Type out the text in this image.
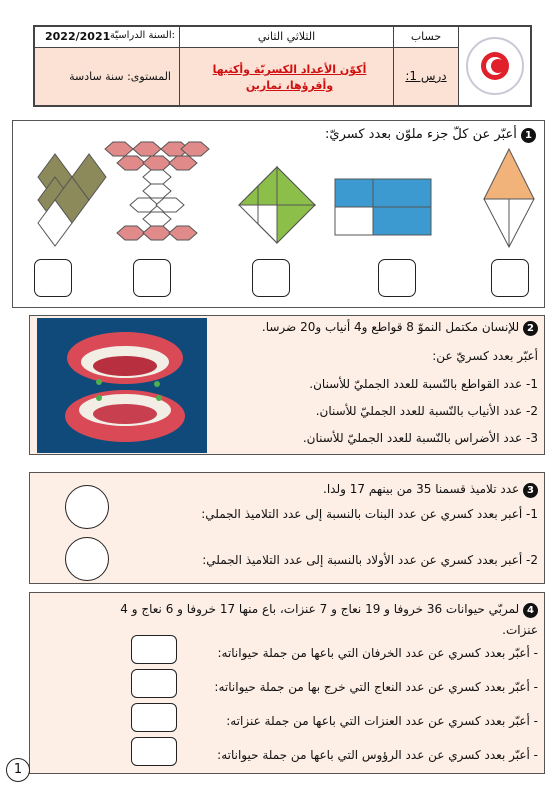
حساب
درس 1:
الثلاثي الثاني
أكوّن الأعداد الكسريّة وأكتبها وأقرؤها، تمارين
السنة الدراسيّة:
2022/2021
المستوى: سنة سادسة
1 أعبّر عن كلّ جزء ملوّن بعدد كسريّ:
2 للإنسان مكتمل النموّ 8 قواطع و4 أنياب و20 ضرسا.
أعبّر بعدد كسريّ عن:
1- عدد القواطع بالنّسبة للعدد الجمليّ للأسنان.
2- عدد الأنياب بالنّسبة للعدد الجمليّ للأسنان.
3- عدد الأضراس بالنّسبة للعدد الجمليّ للأسنان.
3 عدد تلاميذ قسمنا 35 من بينهم 17 ولدا.
1- أعبر بعدد كسري عن عدد البنات بالنسبة إلى عدد التلاميذ الجملي:
2- أعبر بعدد كسري عن عدد الأولاد بالنسبة إلى عدد التلاميذ الجملي:
4 لمربّي حيوانات 36 خروفا و 19 نعاج و 7 عنزات، باع منها 17 خروفا و 6 نعاج و 4
عنزات.
- أعبّر بعدد كسري عن عدد الخرفان التي باعها من جملة حيواناته:
- أعبّر بعدد كسري عن عدد النعاج التي خرج بها من جملة حيواناته:
- أعبّر بعدد كسري عن عدد العنزات التي باعها من جملة عنزاته:
- أعبّر بعدد كسري عن عدد الرؤوس التي باعها من جملة حيواناته:
1
